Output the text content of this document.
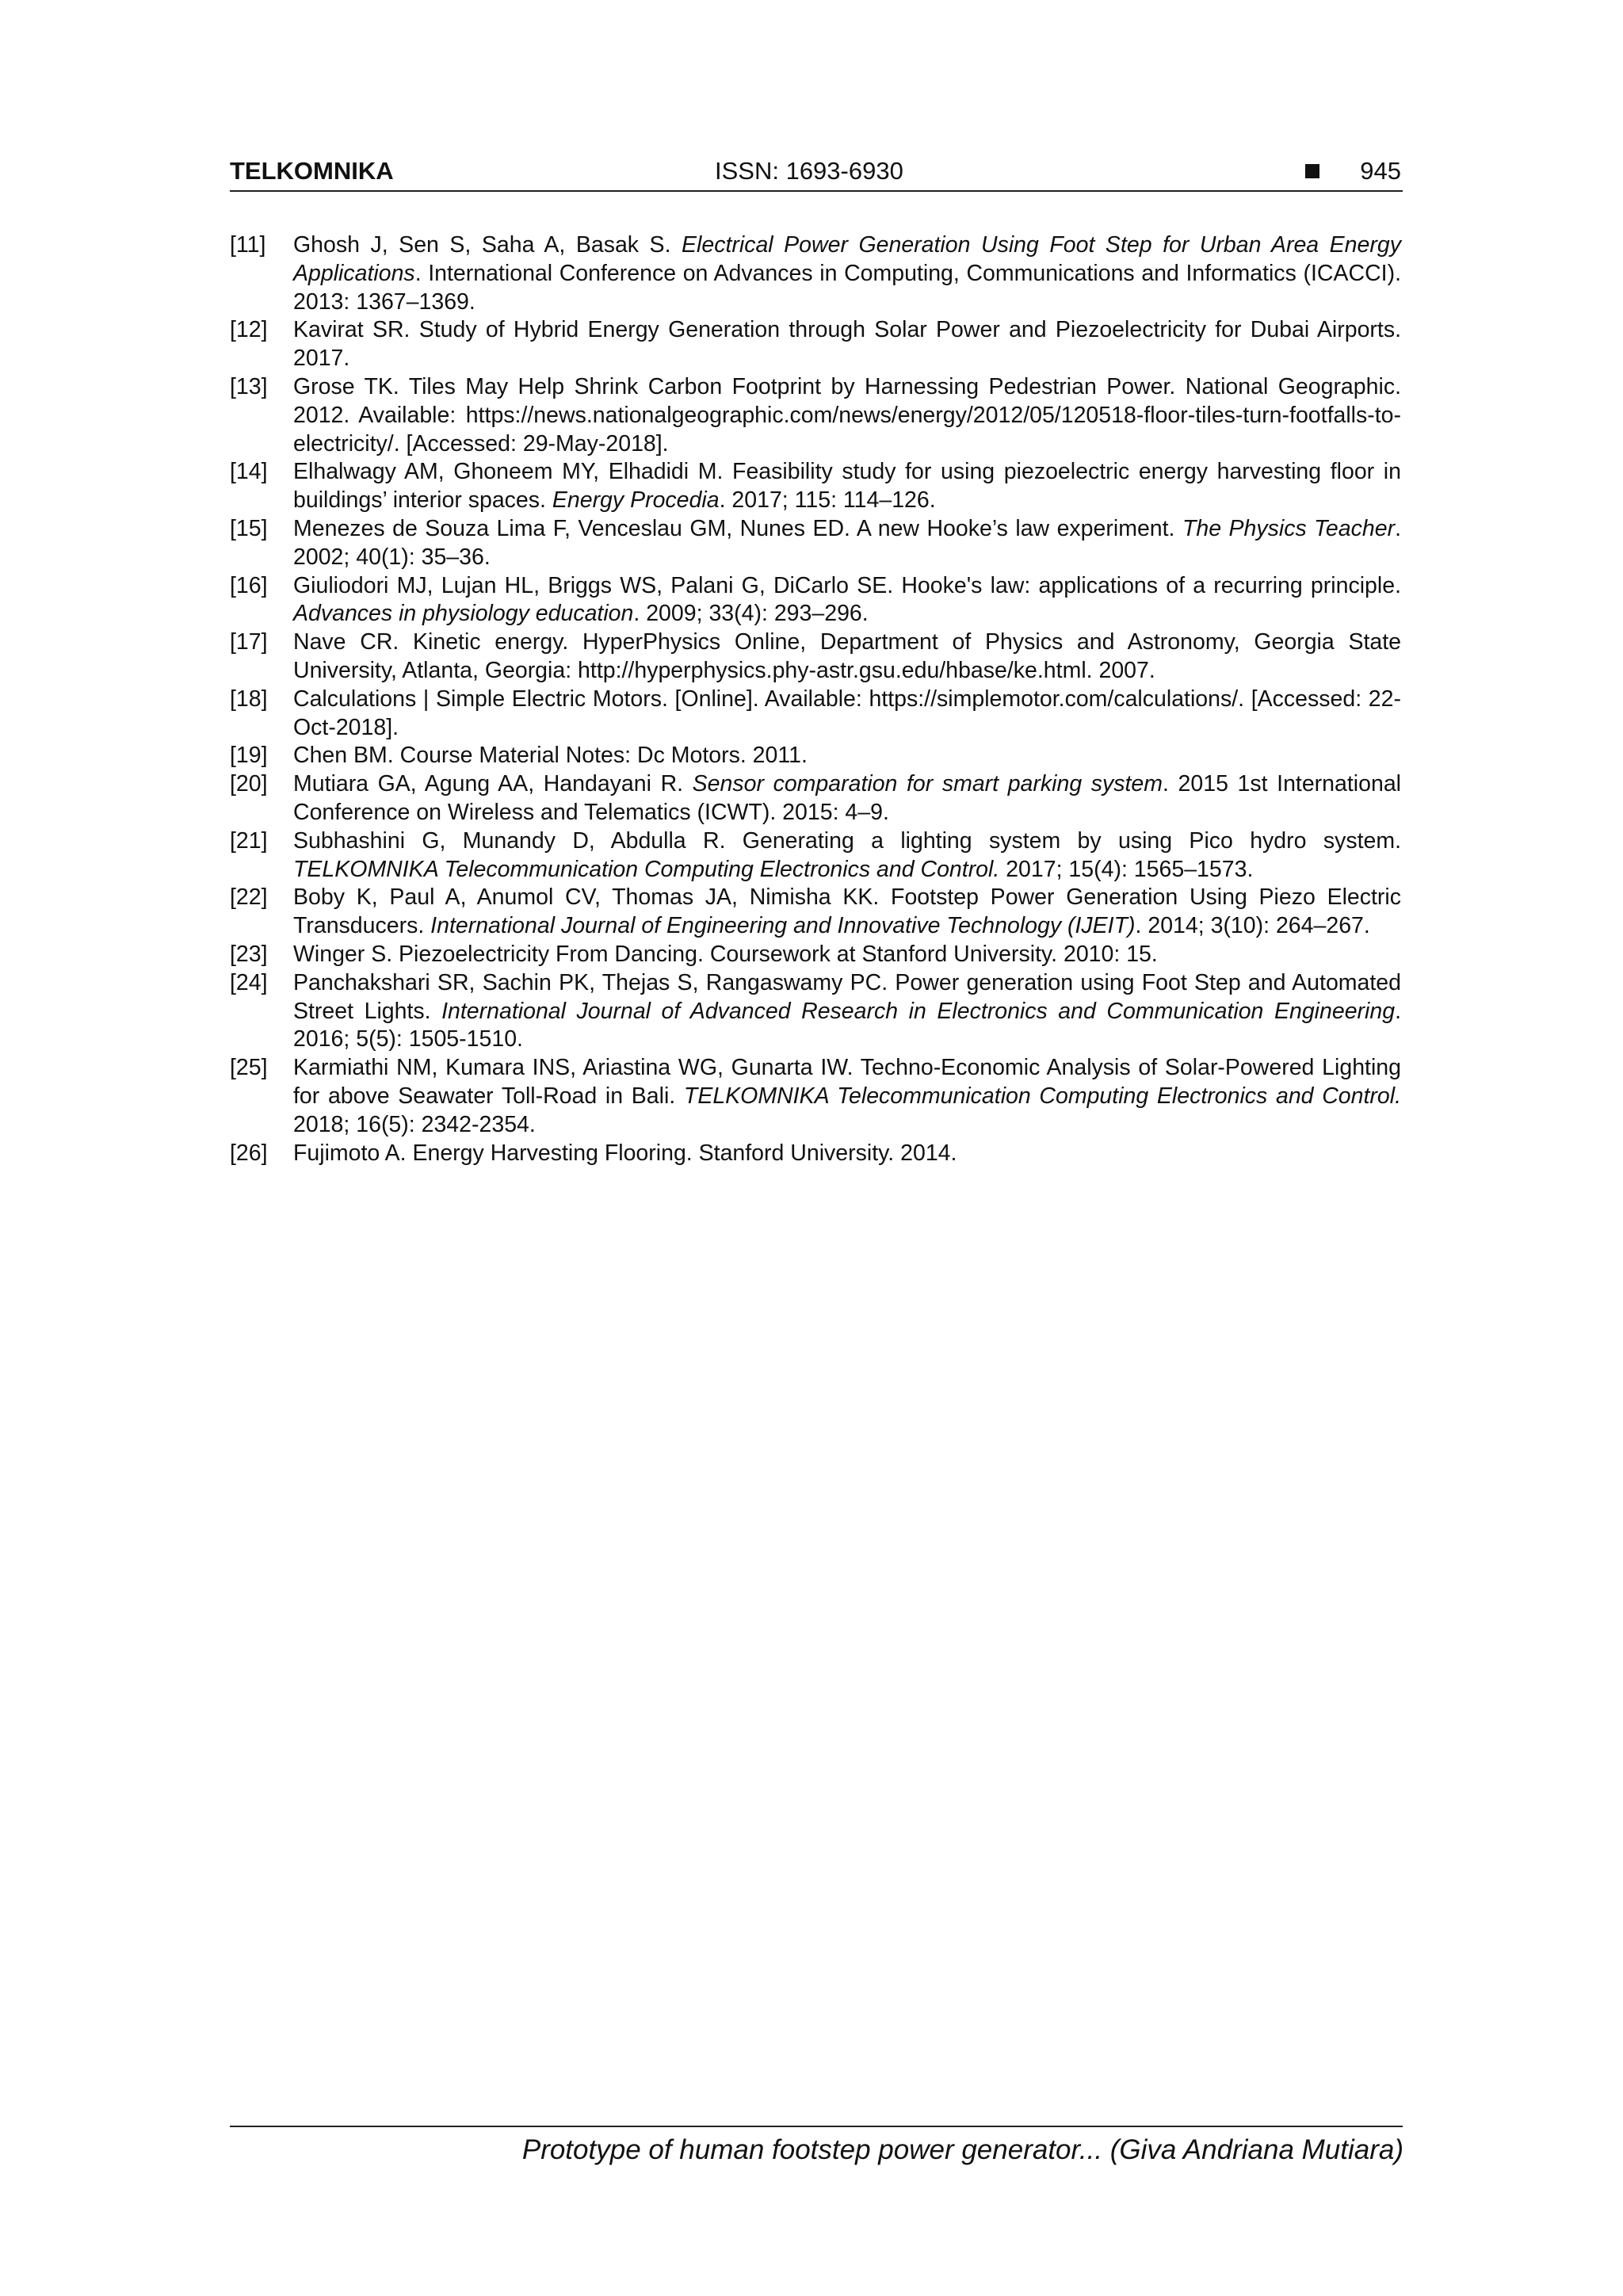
TELKOMNIKA	ISSN: 1693-6930	945
[11]	Ghosh J, Sen S, Saha A, Basak S. Electrical Power Generation Using Foot Step for Urban Area Energy Applications. International Conference on Advances in Computing, Communications and Informatics (ICACCI). 2013: 1367–1369.
[12]	Kavirat SR. Study of Hybrid Energy Generation through Solar Power and Piezoelectricity for Dubai Airports. 2017.
[13]	Grose TK. Tiles May Help Shrink Carbon Footprint by Harnessing Pedestrian Power. National Geographic. 2012. Available: https://news.nationalgeographic.com/news/energy/2012/05/120518-floor-tiles-turn-footfalls-to-electricity/. [Accessed: 29-May-2018].
[14]	Elhalwagy AM, Ghoneem MY, Elhadidi M. Feasibility study for using piezoelectric energy harvesting floor in buildings’ interior spaces. Energy Procedia. 2017; 115: 114–126.
[15]	Menezes de Souza Lima F, Venceslau GM, Nunes ED. A new Hooke’s law experiment. The Physics Teacher. 2002; 40(1): 35–36.
[16]	Giuliodori MJ, Lujan HL, Briggs WS, Palani G, DiCarlo SE. Hooke's law: applications of a recurring principle. Advances in physiology education. 2009; 33(4): 293–296.
[17]	Nave CR. Kinetic energy. HyperPhysics Online, Department of Physics and Astronomy, Georgia State University, Atlanta, Georgia: http://hyperphysics.phy-astr.gsu.edu/hbase/ke.html. 2007.
[18]	Calculations | Simple Electric Motors. [Online]. Available: https://simplemotor.com/calculations/. [Accessed: 22-Oct-2018].
[19]	Chen BM. Course Material Notes: Dc Motors. 2011.
[20]	Mutiara GA, Agung AA, Handayani R. Sensor comparation for smart parking system. 2015 1st International Conference on Wireless and Telematics (ICWT). 2015: 4–9.
[21]	Subhashini G, Munandy D, Abdulla R. Generating a lighting system by using Pico hydro system. TELKOMNIKA Telecommunication Computing Electronics and Control. 2017; 15(4): 1565–1573.
[22]	Boby K, Paul A, Anumol CV, Thomas JA, Nimisha KK. Footstep Power Generation Using Piezo Electric Transducers. International Journal of Engineering and Innovative Technology (IJEIT). 2014; 3(10): 264–267.
[23]	Winger S. Piezoelectricity From Dancing. Coursework at Stanford University. 2010: 15.
[24]	Panchakshari SR, Sachin PK, Thejas S, Rangaswamy PC. Power generation using Foot Step and Automated Street Lights. International Journal of Advanced Research in Electronics and Communication Engineering. 2016; 5(5): 1505-1510.
[25]	Karmiathi NM, Kumara INS, Ariastina WG, Gunarta IW. Techno-Economic Analysis of Solar-Powered Lighting for above Seawater Toll-Road in Bali. TELKOMNIKA Telecommunication Computing Electronics and Control. 2018; 16(5): 2342-2354.
[26]	Fujimoto A. Energy Harvesting Flooring. Stanford University. 2014.
Prototype of human footstep power generator... (Giva Andriana Mutiara)
